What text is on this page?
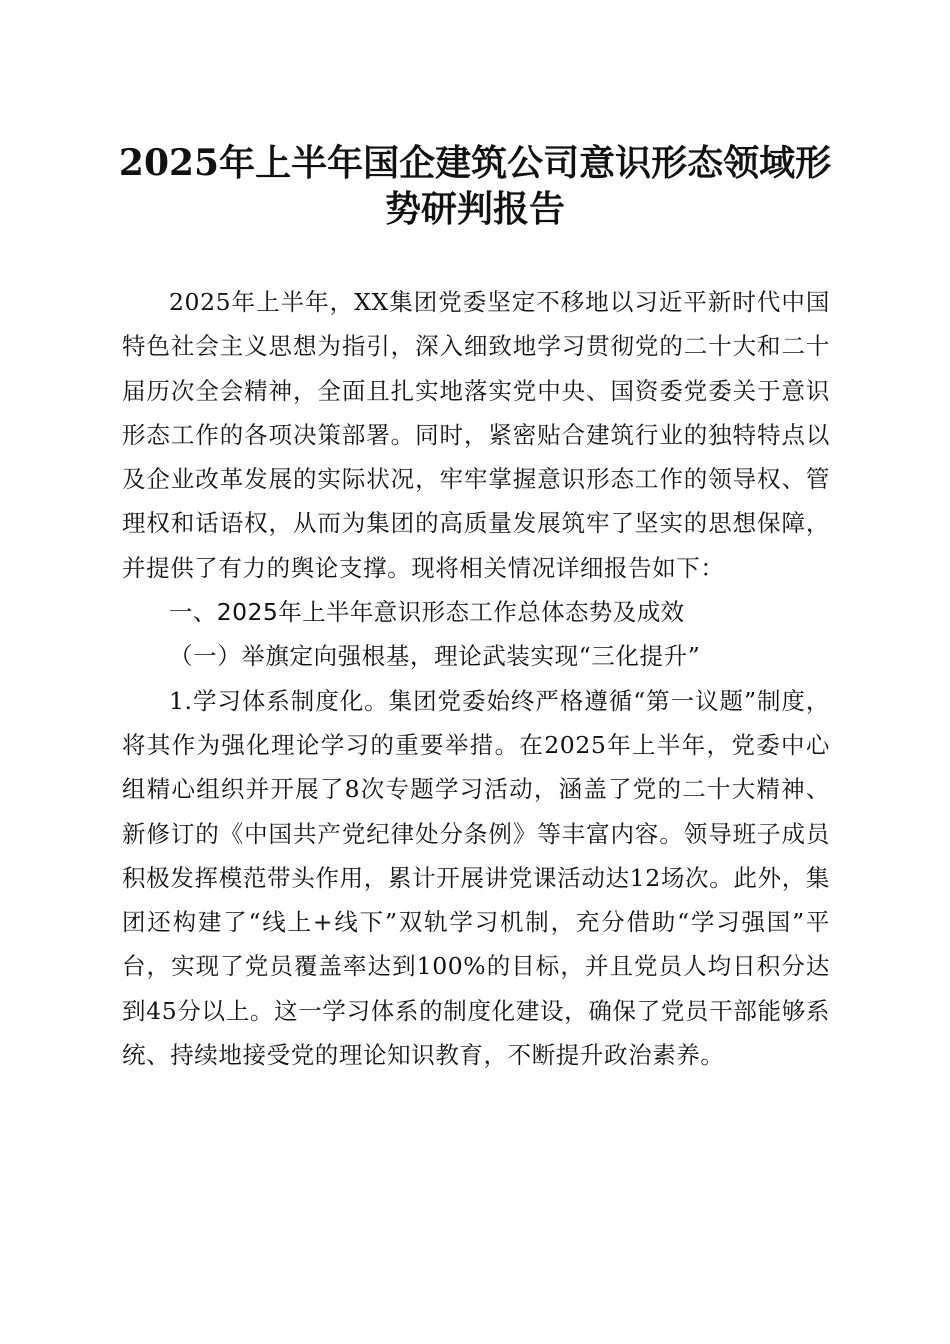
2025年上半年国企建筑公司意识形态领域形势研判报告

2025年上半年，XX集团党委坚定不移地以习近平新时代中国特色社会主义思想为指引，深入细致地学习贯彻党的二十大和二十届历次全会精神，全面且扎实地落实党中央、国资委党委关于意识形态工作的各项决策部署。同时，紧密贴合建筑行业的独特特点以及企业改革发展的实际状况，牢牢掌握意识形态工作的领导权、管理权和话语权，从而为集团的高质量发展筑牢了坚实的思想保障，并提供了有力的舆论支撑。现将相关情况详细报告如下：

一、2025年上半年意识形态工作总体态势及成效

（一）举旗定向强根基，理论武装实现“三化提升”

1.学习体系制度化。集团党委始终严格遵循“第一议题”制度，将其作为强化理论学习的重要举措。在2025年上半年，党委中心组精心组织并开展了8次专题学习活动，涵盖了党的二十大精神、新修订的《中国共产党纪律处分条例》等丰富内容。领导班子成员积极发挥模范带头作用，累计开展讲党课活动达12场次。此外，集团还构建了“线上+线下”双轨学习机制，充分借助“学习强国”平台，实现了党员覆盖率达到100%的目标，并且党员人均日积分达到45分以上。这一学习体系的制度化建设，确保了党员干部能够系统、持续地接受党的理论知识教育，不断提升政治素养。
